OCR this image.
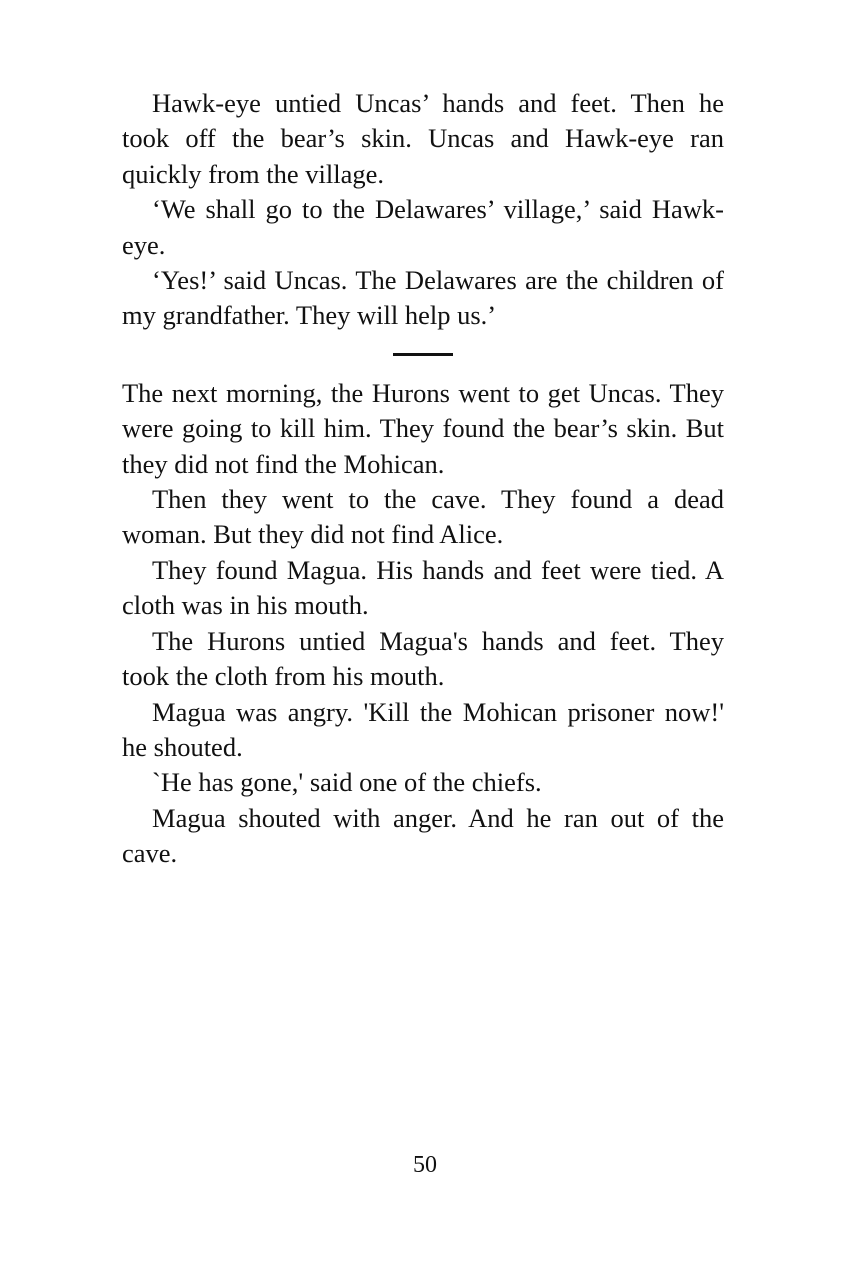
Hawk-eye untied Uncas’ hands and feet. Then he took off the bear’s skin. Uncas and Hawk-eye ran quickly from the village.

‘We shall go to the Delawares’ village,’ said Hawk-eye.

‘Yes!’ said Uncas. The Delawares are the children of my grandfather. They will help us.’

The next morning, the Hurons went to get Uncas. They were going to kill him. They found the bear’s skin. But they did not find the Mohican.

Then they went to the cave. They found a dead woman. But they did not find Alice.

They found Magua. His hands and feet were tied. A cloth was in his mouth.

The Hurons untied Magua's hands and feet. They took the cloth from his mouth.

Magua was angry. 'Kill the Mohican prisoner now!' he shouted.

`He has gone,' said one of the chiefs.

Magua shouted with anger. And he ran out of the cave.

50
